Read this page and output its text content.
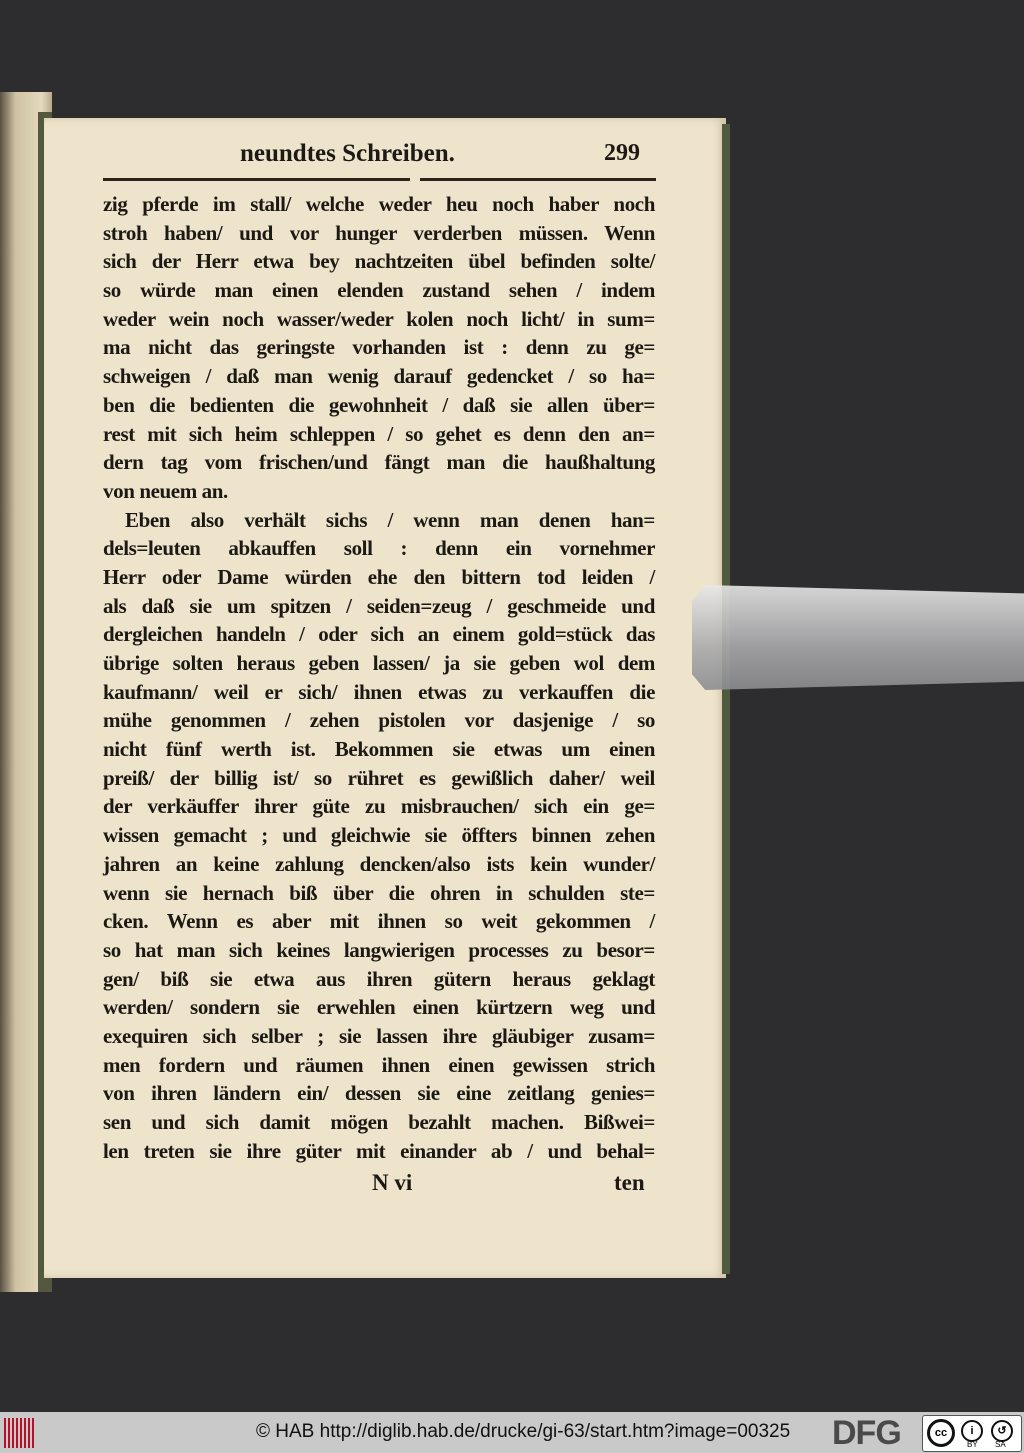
neundtes Schreiben.	299
zig pferde im stall/ welche weder heu noch haber noch
stroh haben/ und vor hunger verderben müssen. Wenn
sich der Herr etwa bey nachtzeiten übel befinden solte/
so würde man einen elenden zustand sehen / indem
weder wein noch wasser/weder kolen noch licht/ in sum=
ma nicht das geringste vorhanden ist : denn zu ge=
schweigen / daß man wenig darauf gedencket / so ha=
ben die bedienten die gewohnheit / daß sie allen über=
rest mit sich heim schleppen / so gehet es denn den an=
dern tag vom frischen/und fängt man die haußhaltung
von neuem an.
Eben also verhält sichs / wenn man denen han=
dels=leuten abkauffen soll : denn ein vornehmer
Herr oder Dame würden ehe den bittern tod leiden /
als daß sie um spitzen / seiden=zeug / geschmeide und
dergleichen handeln / oder sich an einem gold=stück das
übrige solten heraus geben lassen/ ja sie geben wol dem
kaufmann/ weil er sich/ ihnen etwas zu verkauffen die
mühe genommen / zehen pistolen vor dasjenige / so
nicht fünf werth ist. Bekommen sie etwas um einen
preiß/ der billig ist/ so rühret es gewißlich daher/ weil
der verkäuffer ihrer güte zu misbrauchen/ sich ein ge=
wissen gemacht ; und gleichwie sie öffters binnen zehen
jahren an keine zahlung dencken/also ists kein wunder/
wenn sie hernach biß über die ohren in schulden ste=
cken. Wenn es aber mit ihnen so weit gekommen /
so hat man sich keines langwierigen processes zu besor=
gen/ biß sie etwa aus ihren gütern heraus geklagt
werden/ sondern sie erwehlen einen kürtzern weg und
exequiren sich selber ; sie lassen ihre gläubiger zusam=
men fordern und räumen ihnen einen gewissen strich
von ihren ländern ein/ dessen sie eine zeitlang genies=
sen und sich damit mögen bezahlt machen. Bißwei=
len treten sie ihre güter mit einander ab / und behal=
N vi	ten
© HAB http://diglib.hab.de/drucke/gi-63/start.htm?image=00325 DFG	cc	i	↺
BY SA
